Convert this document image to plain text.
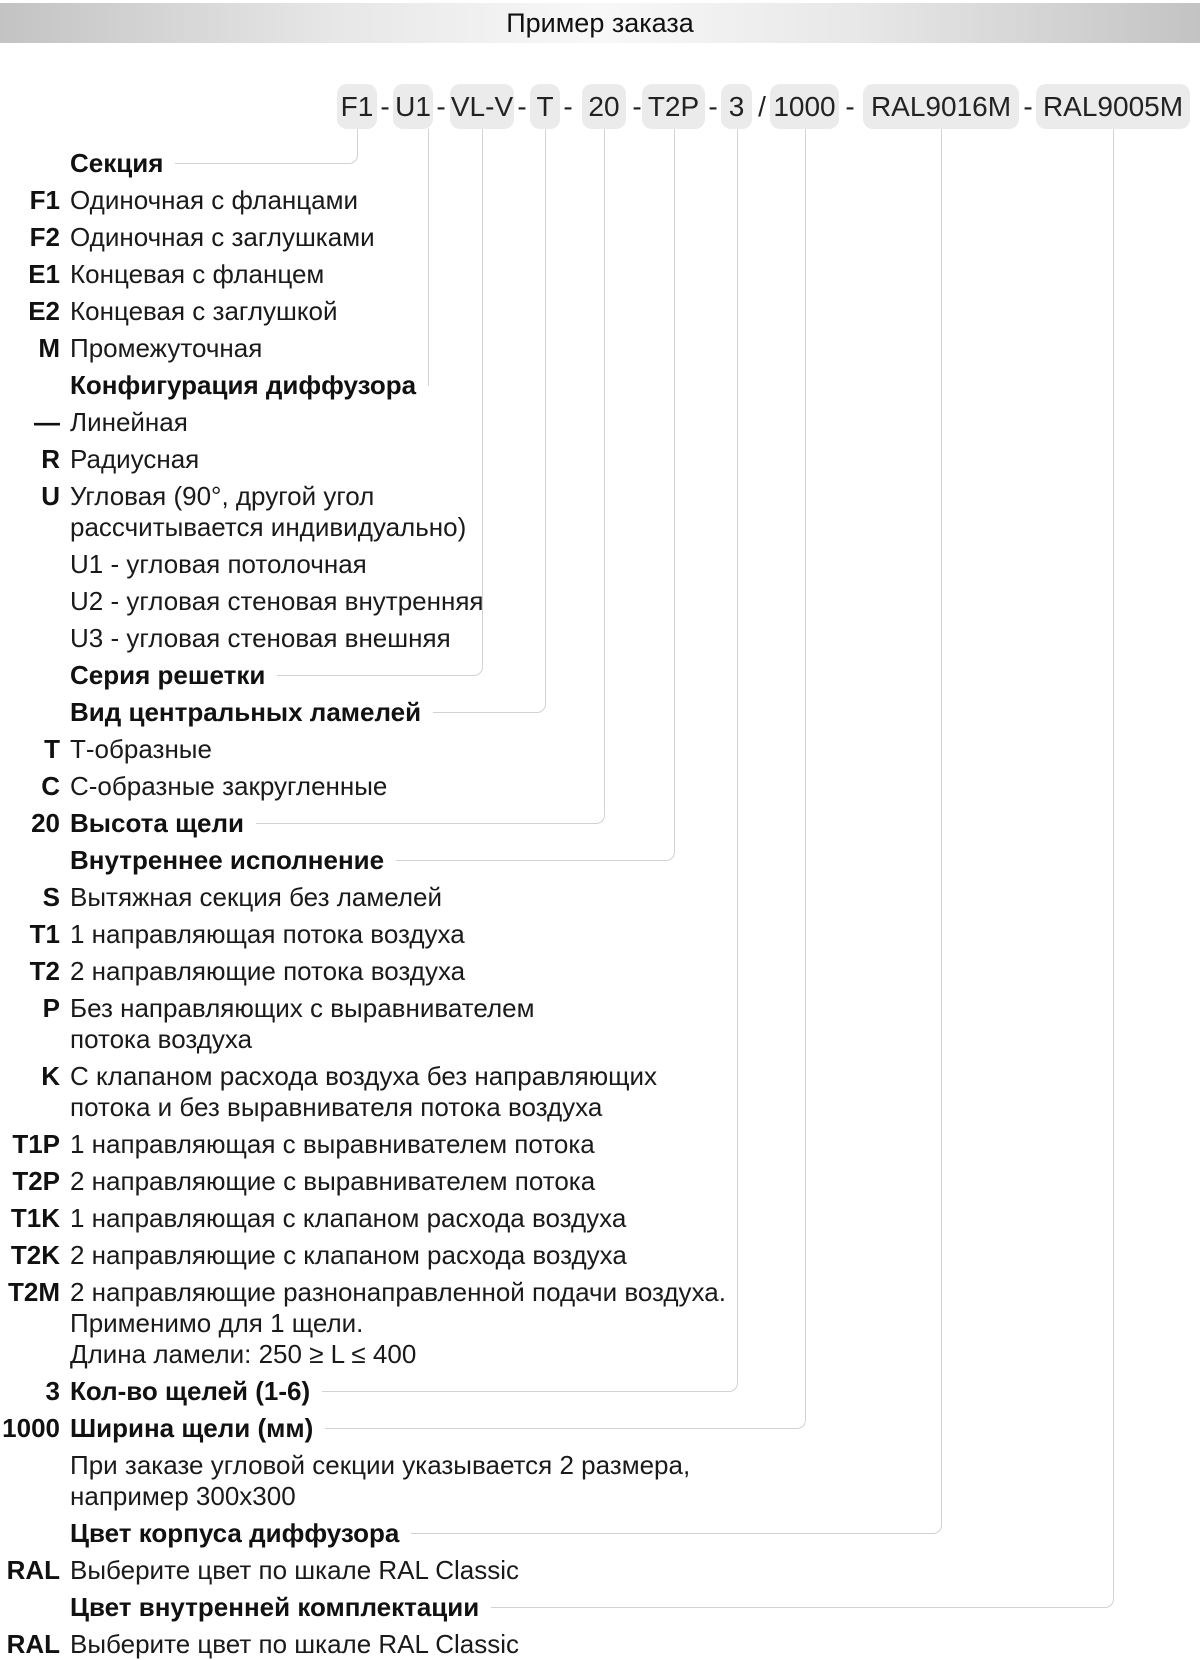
Пример заказа
F1 U1 VL-V T 20 T2P 3 1000 RAL9016M RAL9005M
- -	- - - - /	-	-
Секция
F1 Одиночная с фланцами
F2 Одиночная с заглушками
E1 Концевая с фланцем
E2 Концевая с заглушкой
M Промежуточная
Конфигурация диффузора
— Линейная
R Радиусная
U Угловая (90°, другой угол
рассчитывается индивидуально)
U1 - угловая потолочная
U2 - угловая стеновая внутренняя
U3 - угловая стеновая внешняя
Серия решетки
Вид центральных ламелей
T Т-образные
C С-образные закругленные
20 Высота щели
Внутреннее исполнение
S Вытяжная секция без ламелей
T1 1 направляющая потока воздуха
T2 2 направляющие потока воздуха
P Без направляющих с выравнивателем
потока воздуха
K С клапаном расхода воздуха без направляющих
потока и без выравнивателя потока воздуха
T1P 1 направляющая с выравнивателем потока
T2P 2 направляющие с выравнивателем потока
T1K 1 направляющая с клапаном расхода воздуха
T2K 2 направляющие с клапаном расхода воздуха
T2M 2 направляющие разнонаправленной подачи воздуха.
Применимо для 1 щели.
Длина ламели: 250 ≥ L ≤ 400
3 Кол-во щелей (1-6)
1000 Ширина щели (мм)
При заказе угловой секции указывается 2 размера,
например 300х300
Цвет корпуса диффузора
RAL Выберите цвет по шкале RAL Classic
Цвет внутренней комплектации
RAL Выберите цвет по шкале RAL Classic
